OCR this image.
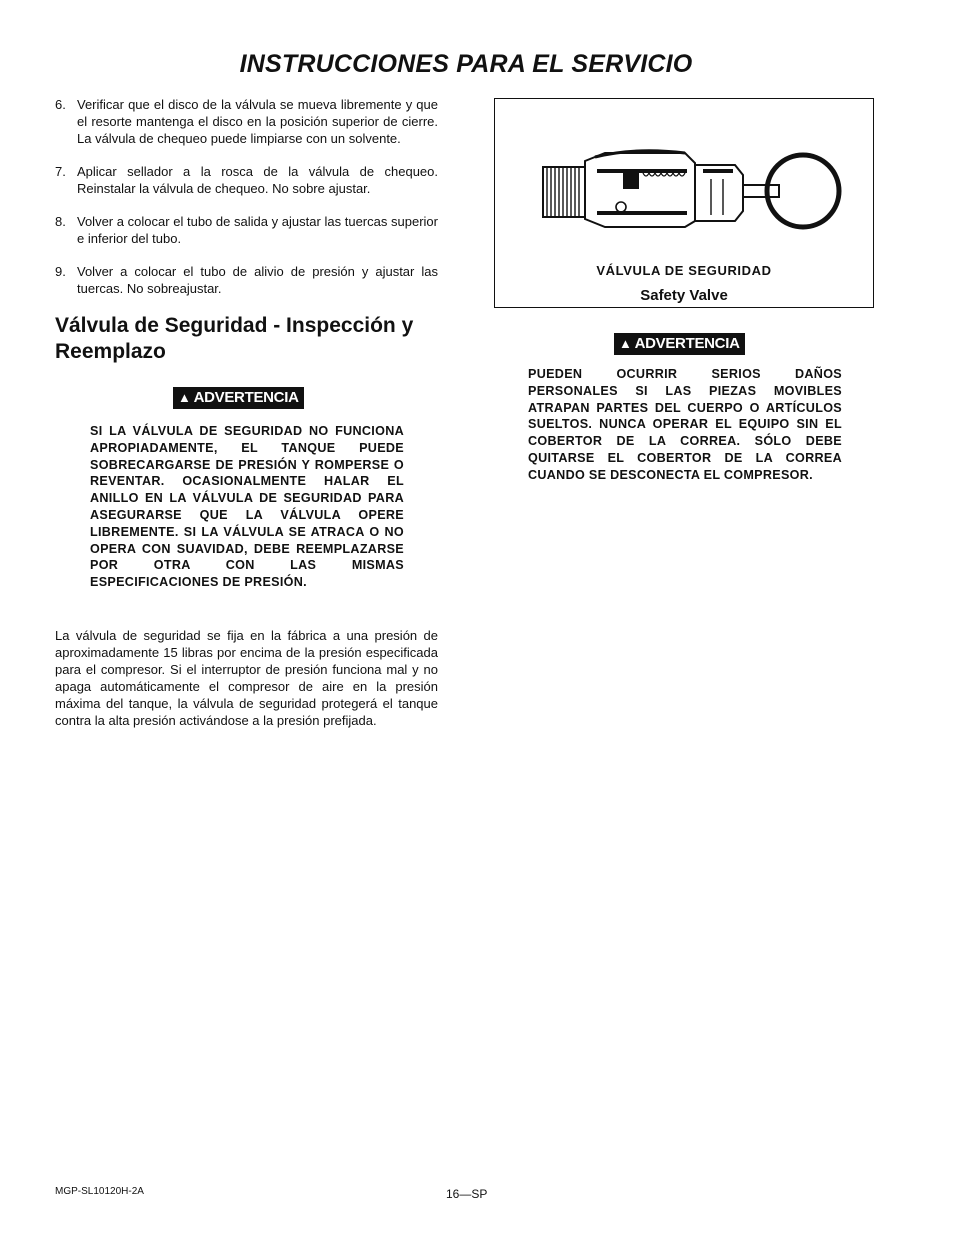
INSTRUCCIONES PARA EL SERVICIO
6. Verificar que el disco de la válvula se mueva libremente y que el resorte mantenga el disco en la posición superior de cierre. La válvula de chequeo puede limpiarse con un solvente.
7. Aplicar sellador a la rosca de la válvula de chequeo. Reinstalar la válvula de chequeo. No sobre ajustar.
8. Volver a colocar el tubo de salida y ajustar las tuercas superior e inferior del tubo.
9. Volver a colocar el tubo de alivio de presión y ajustar las tuercas. No sobreajustar.
Válvula de Seguridad - Inspección y Reemplazo
▲ ADVERTENCIA
SI LA VÁLVULA DE SEGURIDAD NO FUNCIONA APROPIADAMENTE, EL TANQUE PUEDE SOBRECARGARSE DE PRESIÓN Y ROMPERSE O REVENTAR. OCASIONALMENTE HALAR EL ANILLO EN LA VÁLVULA DE SEGURIDAD PARA ASEGURARSE QUE LA VÁLVULA OPERE LIBREMENTE. SI LA VÁLVULA SE ATRACA O NO OPERA CON SUAVIDAD, DEBE REEMPLAZARSE POR OTRA CON LAS MISMAS ESPECIFICACIONES DE PRESIÓN.

La válvula de seguridad se fija en la fábrica a una presión de aproximadamente 15 libras por encima de la presión especificada para el compresor. Si el interruptor de presión funciona mal y no apaga automáticamente el compresor de aire en la presión máxima del tanque, la válvula de seguridad protegerá el tanque contra la alta presión activándose a la presión prefijada.

VÁLVULA DE SEGURIDAD
Safety Valve
▲ ADVERTENCIA
PUEDEN OCURRIR SERIOS DAÑOS PERSONALES SI LAS PIEZAS MOVIBLES ATRAPAN PARTES DEL CUERPO O ARTÍCULOS SUELTOS. NUNCA OPERAR EL EQUIPO SIN EL COBERTOR DE LA CORREA. SÓLO DEBE QUITARSE EL COBERTOR DE LA CORREA CUANDO SE DESCONECTA EL COMPRESOR.
MGP-SL10120H-2A	16—SP
